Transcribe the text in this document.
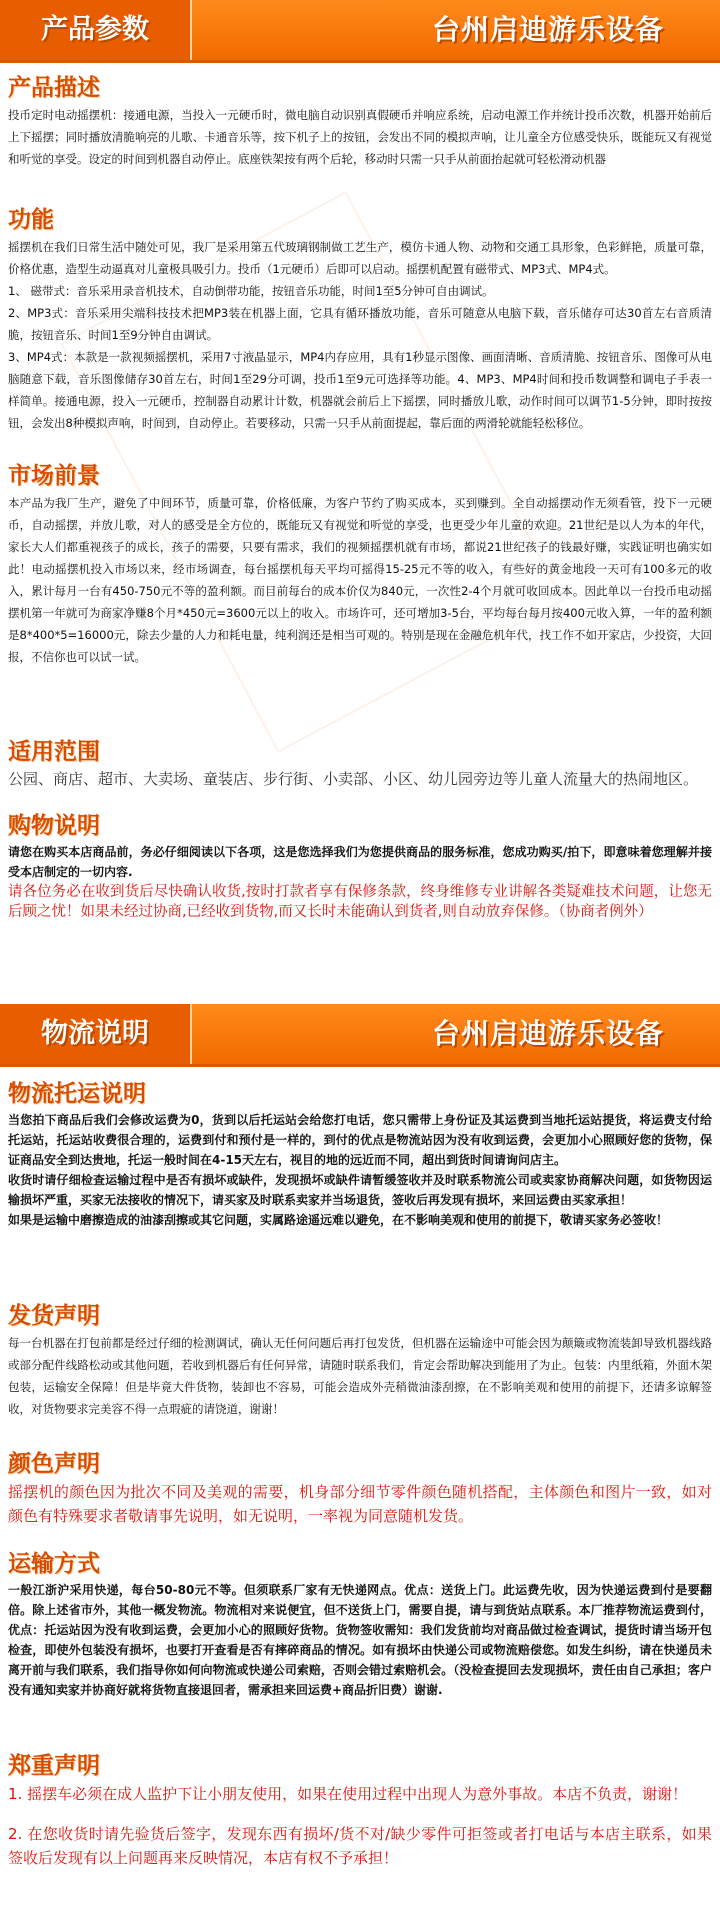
产品参数	台州启迪游乐设备
产品描述
投币定时电动摇摆机：接通电源，当投入一元硬币时，微电脑自动识别真假硬币并响应系统，启动电源工作并统计投币次数，机器开始前后上下摇摆；同时播放清脆响亮的儿歌、卡通音乐等，按下机子上的按钮，会发出不同的模拟声响，让儿童全方位感受快乐，既能玩又有视觉和听觉的享受。设定的时间到机器自动停止。底座铁架按有两个后轮，移动时只需一只手从前面抬起就可轻松滑动机器
功能
摇摆机在我们日常生活中随处可见，我厂是采用第五代玻璃钢制做工艺生产，模仿卡通人物、动物和交通工具形象，色彩鲜艳，质量可靠，价格优惠，造型生动逼真对儿童极具吸引力。投币（1元硬币）后即可以启动。摇摆机配置有磁带式、MP3式、MP4式。
1、 磁带式：音乐采用录音机技术，自动倒带功能，按钮音乐功能，时间1至5分钟可自由调试。
2、MP3式：音乐采用尖端科技技术把MP3装在机器上面，它具有循环播放功能，音乐可随意从电脑下载，音乐储存可达30首左右音质清脆，按钮音乐、时间1至9分钟自由调试。
3、MP4式：本款是一款视频摇摆机，采用7寸液晶显示，MP4内存应用，具有1秒显示图像、画面清晰、音质清脆、按钮音乐、图像可从电脑随意下载，音乐图像储存30首左右，时间1至29分可调，投币1至9元可选择等功能。4、MP3、MP4时间和投币数调整和调电子手表一样简单。接通电源，投入一元硬币，控制器自动累计计数，机器就会前后上下摇摆，同时播放儿歌，动作时间可以调节1-5分钟，即时按按钮，会发出8种模拟声响，时间到，自动停止。若要移动，只需一只手从前面提起，靠后面的两滑轮就能轻松移位。
市场前景
本产品为我厂生产，避免了中间环节，质量可靠，价格低廉，为客户节约了购买成本，买到赚到。全自动摇摆动作无须看管，投下一元硬币，自动摇摆，并放儿歌，对人的感受是全方位的，既能玩又有视觉和听觉的享受，也更受少年儿童的欢迎。21世纪是以人为本的年代，家长大人们都重视孩子的成长，孩子的需要，只要有需求，我们的视频摇摆机就有市场，都说21世纪孩子的钱最好赚，实践证明也确实如此！电动摇摆机投入市场以来，经市场调查，每台摇摆机每天平均可摇得15-25元不等的收入，有些好的黄金地段一天可有100多元的收入，累计每月一台有450-750元不等的盈利额。而目前每台的成本价仅为840元，一次性2-4个月就可收回成本。因此单以一台投币电动摇摆机第一年就可为商家净赚8个月*450元=3600元以上的收入。市场许可，还可增加3-5台，平均每台每月按400元收入算，一年的盈利额是8*400*5=16000元，除去少量的人力和耗电量，纯利润还是相当可观的。特别是现在金融危机年代，找工作不如开家店，少投资，大回报，不信你也可以试一试。
适用范围
公园、商店、超市、大卖场、童装店、步行街、小卖部、小区、幼儿园旁边等儿童人流量大的热闹地区。
购物说明
请您在购买本店商品前，务必仔细阅读以下各项，这是您选择我们为您提供商品的服务标准，您成功购买/拍下，即意味着您理解并接受本店制定的一切内容.
请各位务必在收到货后尽快确认收货,按时打款者享有保修条款，终身维修专业讲解各类疑难技术问题，让您无后顾之忧！如果未经过协商,已经收到货物,而又长时未能确认到货者,则自动放弃保修。（协商者例外）
物流说明	台州启迪游乐设备
物流托运说明
当您拍下商品后我们会修改运费为0，货到以后托运站会给您打电话，您只需带上身份证及其运费到当地托运站提货，将运费支付给托运站，托运站收费很合理的，运费到付和预付是一样的，到付的优点是物流站因为没有收到运费，会更加小心照顾好您的货物，保证商品安全到达贵地，托运一般时间在4-15天左右，视目的地的远近而不同，超出到货时间请询问店主。
收货时请仔细检查运输过程中是否有损坏或缺件，发现损坏或缺件请暂缓签收并及时联系物流公司或卖家协商解决问题，如货物因运输损坏严重，买家无法接收的情况下，请买家及时联系卖家并当场退货，签收后再发现有损坏，来回运费由买家承担！
如果是运输中磨擦造成的油漆刮擦或其它问题，实属路途遥远难以避免，在不影响美观和使用的前提下，敬请买家务必签收！
发货声明
每一台机器在打包前都是经过仔细的检测调试，确认无任何问题后再打包发货，但机器在运输途中可能会因为颠簸或物流装卸导致机器线路或部分配件线路松动或其他问题，若收到机器后有任何异常，请随时联系我们，肯定会帮助解决到能用了为止。包装：内里纸箱，外面木架包装，运输安全保障！但是毕竟大件货物，装卸也不容易，可能会造成外壳稍微油漆刮擦，在不影响美观和使用的前提下，还请多谅解签收，对货物要求完美容不得一点瑕疵的请饶道，谢谢！
颜色声明
摇摆机的颜色因为批次不同及美观的需要，机身部分细节零件颜色随机搭配，主体颜色和图片一致，如对颜色有特殊要求者敬请事先说明，如无说明，一率视为同意随机发货。
运输方式
一般江浙沪采用快递，每台50-80元不等。但须联系厂家有无快递网点。优点：送货上门。此运费先收，因为快递运费到付是要翻倍。除上述省市外，其他一概发物流。物流相对来说便宜，但不送货上门，需要自提，请与到货站点联系。本厂推荐物流运费到付，优点：托运站因为没有收到运费，会更加小心的照顾好货物。货物签收需知：我们发货前均对商品做过检查调试，提货时请当场开包检查，即使外包装没有损坏，也要打开查看是否有摔碎商品的情况。如有损坏由快递公司或物流赔偿您。如发生纠纷，请在快递员未离开前与我们联系，我们指导你如何向物流或快递公司索赔，否则会错过索赔机会。（没检查提回去发现损坏，责任由自己承担；客户没有通知卖家并协商好就将货物直接退回者，需承担来回运费+商品折旧费）谢谢.
郑重声明
1. 摇摆车必须在成人监护下让小朋友使用，如果在使用过程中出现人为意外事故。本店不负责，谢谢！
2. 在您收货时请先验货后签字，发现东西有损坏/货不对/缺少零件可拒签或者打电话与本店主联系，如果签收后发现有以上问题再来反映情况，本店有权不予承担！
